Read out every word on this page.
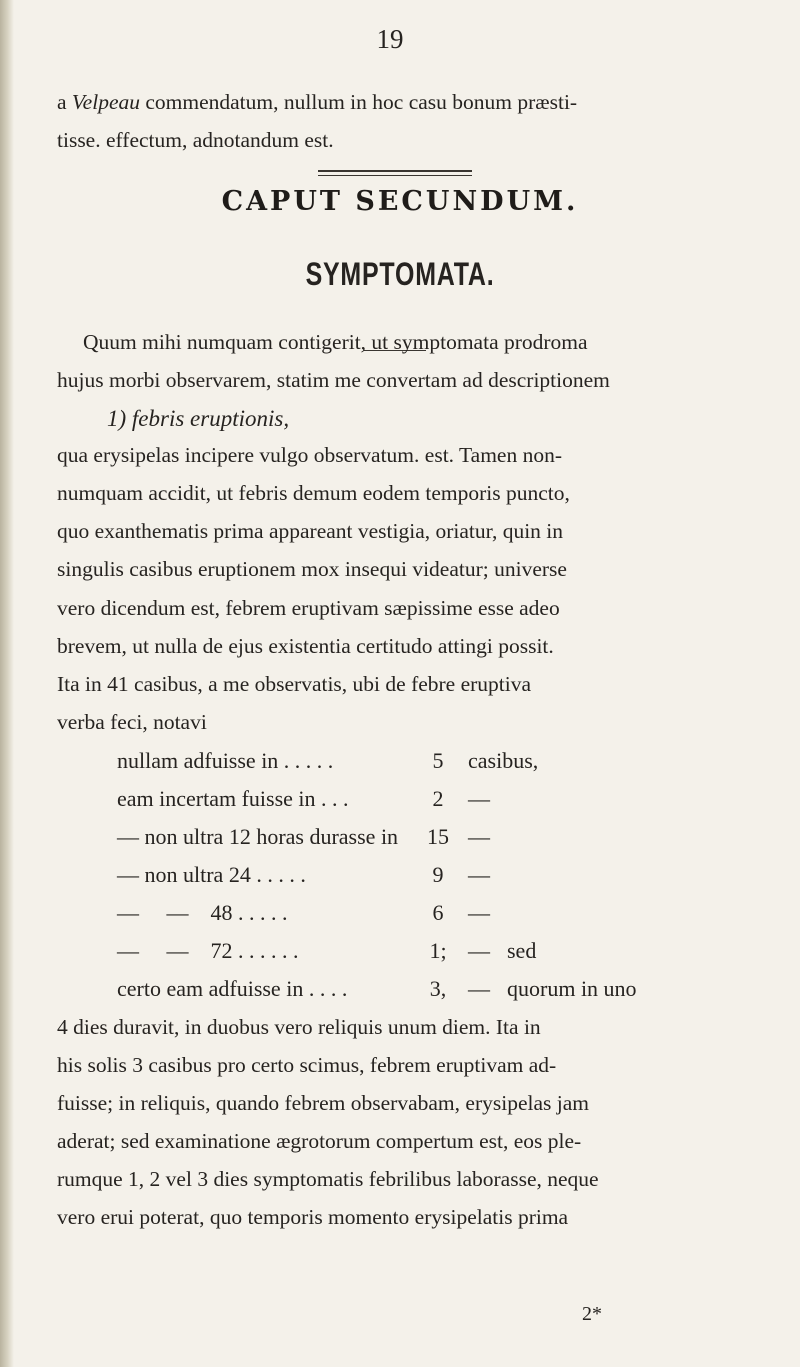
19
a Velpeau commendatum, nullum in hoc casu bonum præsti-
tisse. effectum, adnotandum est.
CAPUT SECUNDUM.
SYMPTOMATA.
Quum mihi numquam contigerit, ut symptomata prodroma
hujus morbi observarem, statim me convertam ad descriptionem
1) febris eruptionis,
qua erysipelas incipere vulgo observatum. est. Tamen non-
numquam accidit, ut febris demum eodem temporis puncto,
quo exanthematis prima appareant vestigia, oriatur, quin in
singulis casibus eruptionem mox insequi videatur; universe
vero dicendum est, febrem eruptivam sæpissime esse adeo
brevem, ut nulla de ejus existentia certitudo attingi possit.
Ita in 41 casibus, a me observatis, ubi de febre eruptiva
verba feci, notavi
nullam adfuisse in . . . . .	5	casibus,
eam incertam fuisse in . . .	2	—
— non ultra 12 horas durasse in	15 —
— non ultra 24 . . . . .	9	—
—     —    48 . . . . .	6	—
—     —    72 . . . . . .	1; — sed
certo eam adfuisse in . . . .	3, — quorum in uno
4 dies duravit, in duobus vero reliquis unum diem. Ita in
his solis 3 casibus pro certo scimus, febrem eruptivam ad-
fuisse; in reliquis, quando febrem observabam, erysipelas jam
aderat; sed examinatione ægrotorum compertum est, eos ple-
rumque 1, 2 vel 3 dies symptomatis febrilibus laborasse, neque
vero erui poterat, quo temporis momento erysipelatis prima
2*
